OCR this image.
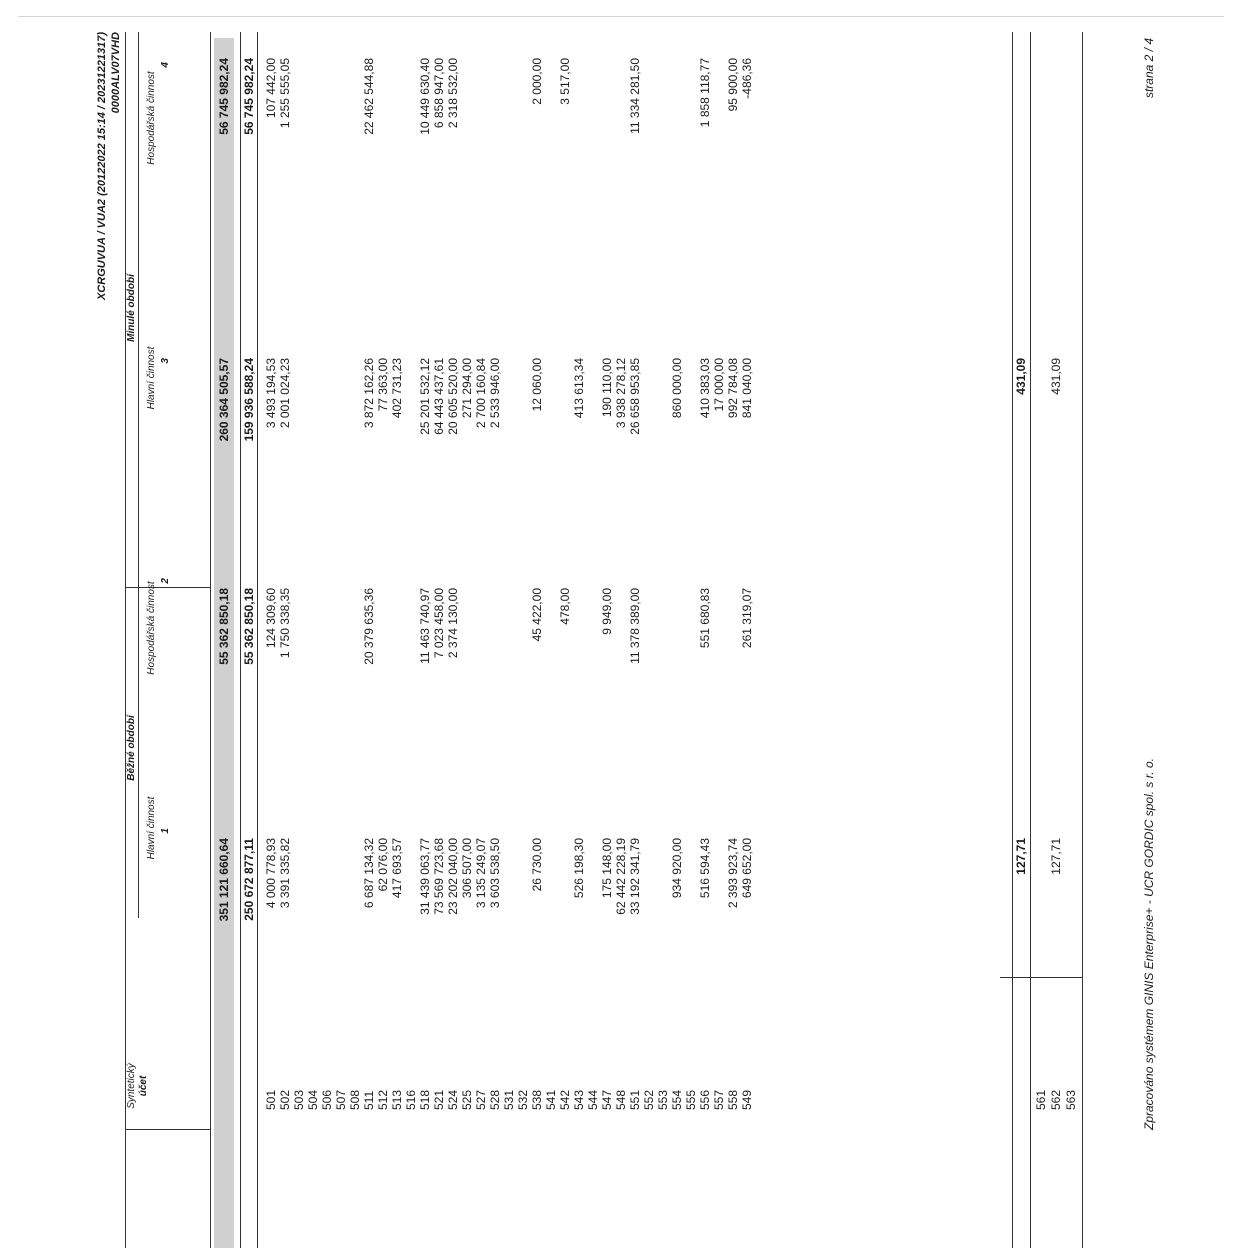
XCRGUVUA / VUA2 (20122022 15:14 / 20231221317) 0000ALV07VHD
Syntetický účet
Běžné období
Minulé období
Hlavní činnost
Hospodářská činnost
Hlavní činnost
Hospodářská činnost
1
2
3
4
351 121 660,64
55 362 850,18
260 364 505,57
56 745 982,24
250 672 877,11
55 362 850,18
159 936 588,24
56 745 982,24
501
4 000 778,93
124 309,60
3 493 194,53
107 442,00
502
3 391 335,82
1 750 338,35
2 001 024,23
1 255 555,05
503 504 506 507 508 511
6 687 134,32
20 379 635,36
3 872 162,26
22 462 544,88
512
62 076,00
77 363,00
513
417 693,57
402 731,23
516 518
31 439 063,77
11 463 740,97
25 201 532,12
10 449 630,40
521
73 569 723,68
7 023 458,00
64 443 437,61
6 858 947,00
524
23 202 040,00
2 374 130,00
20 605 520,00
2 318 532,00
525
306 507,00
271 294,00
527
3 135 249,07
2 700 160,84
528
3 603 538,50
2 533 946,00
531 532 538
26 730,00
45 422,00
12 060,00
2 000,00
541 542
478,00
3 517,00
543
526 198,30
413 613,34
544 547
175 148,00
9 949,00
190 110,00
548
62 442 228,19
3 938 278,12
551
33 192 341,79
11 378 389,00
26 658 953,85
11 334 281,50
552 553 554
934 920,00
860 000,00
555 556
516 594,43
551 680,83
410 383,03
1 858 118,77
557
17 000,00
558
2 393 923,74
992 784,08
95 900,00
549
649 652,00
261 319,07
841 040,00
-486,36
127,71
431,09
561 562
127,71
431,09
563	Zpracováno systémem GINIS Enterprise+ - UCR GORDIC spol. s r. o.
strana 2 / 4
